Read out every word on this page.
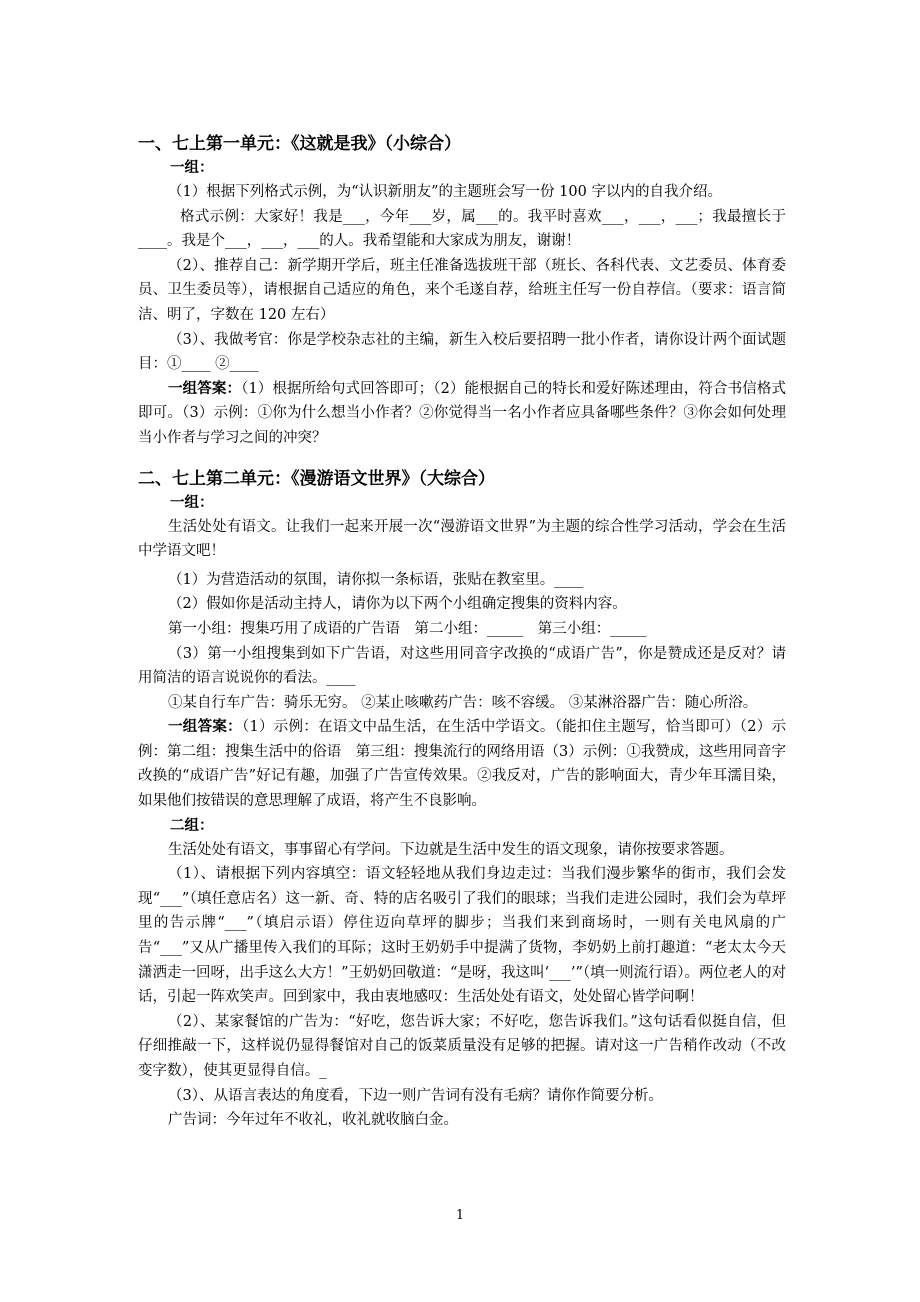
一、七上第一单元：《这就是我》（小综合）
一组：
（1）根据下列格式示例，为“认识新朋友”的主题班会写一份 100 字以内的自我介绍。
格式示例：大家好！我是___，今年___岁，属___的。我平时喜欢___，___，___；我最擅长于____。我是个___，___，___的人。我希望能和大家成为朋友，谢谢！
（2）、推荐自己：新学期开学后，班主任准备选拔班干部（班长、各科代表、文艺委员、体育委员、卫生委员等），请根据自己适应的角色，来个毛遂自荐，给班主任写一份自荐信。（要求：语言简洁、明了，字数在 120 左右）
（3）、我做考官：你是学校杂志社的主编，新生入校后要招聘一批小作者，请你设计两个面试题目：①____ ②____
一组答案：（1）根据所给句式回答即可；（2）能根据自己的特长和爱好陈述理由，符合书信格式即可。（3）示例：①你为什么想当小作者？②你觉得当一名小作者应具备哪些条件？③你会如何处理当小作者与学习之间的冲突？
二、七上第二单元：《漫游语文世界》（大综合）
一组：
生活处处有语文。让我们一起来开展一次“漫游语文世界”为主题的综合性学习活动，学会在生活中学语文吧！
（1）为营造活动的氛围，请你拟一条标语，张贴在教室里。____
（2）假如你是活动主持人，请你为以下两个小组确定搜集的资料内容。
第一小组：搜集巧用了成语的广告语　第二小组：_____　第三小组：_____
（3）第一小组搜集到如下广告语，对这些用同音字改换的“成语广告”，你是赞成还是反对？请用简洁的语言说说你的看法。____
①某自行车广告：骑乐无穷。 ②某止咳嗽药广告：咳不容缓。 ③某淋浴器广告：随心所浴。
一组答案：（1）示例：在语文中品生活，在生活中学语文。（能扣住主题写，恰当即可）（2）示例：第二组：搜集生活中的俗语　第三组：搜集流行的网络用语（3）示例：①我赞成，这些用同音字改换的“成语广告”好记有趣，加强了广告宣传效果。②我反对，广告的影响面大，青少年耳濡目染，如果他们按错误的意思理解了成语，将产生不良影响。
二组：
生活处处有语文，事事留心有学问。下边就是生活中发生的语文现象，请你按要求答题。
（1）、请根据下列内容填空：语文轻轻地从我们身边走过：当我们漫步繁华的街市，我们会发现“___”（填任意店名）这一新、奇、特的店名吸引了我们的眼球；当我们走进公园时，我们会为草坪里的告示牌“___”（填启示语）停住迈向草坪的脚步；当我们来到商场时，一则有关电风扇的广告“___”又从广播里传入我们的耳际；这时王奶奶手中提满了货物，李奶奶上前打趣道：“老太太今天潇洒走一回呀，出手这么大方！”王奶奶回敬道：“是呀，我这叫‘___’”（填一则流行语）。两位老人的对话，引起一阵欢笑声。回到家中，我由衷地感叹：生活处处有语文，处处留心皆学问啊！
（2）、某家餐馆的广告为：“好吃，您告诉大家；不好吃，您告诉我们。”这句话看似挺自信，但仔细推敲一下，这样说仍显得餐馆对自己的饭菜质量没有足够的把握。请对这一广告稍作改动（不改变字数），使其更显得自信。_
（3）、从语言表达的角度看，下边一则广告词有没有毛病？请你作简要分析。
广告词：今年过年不收礼，收礼就收脑白金。
1
